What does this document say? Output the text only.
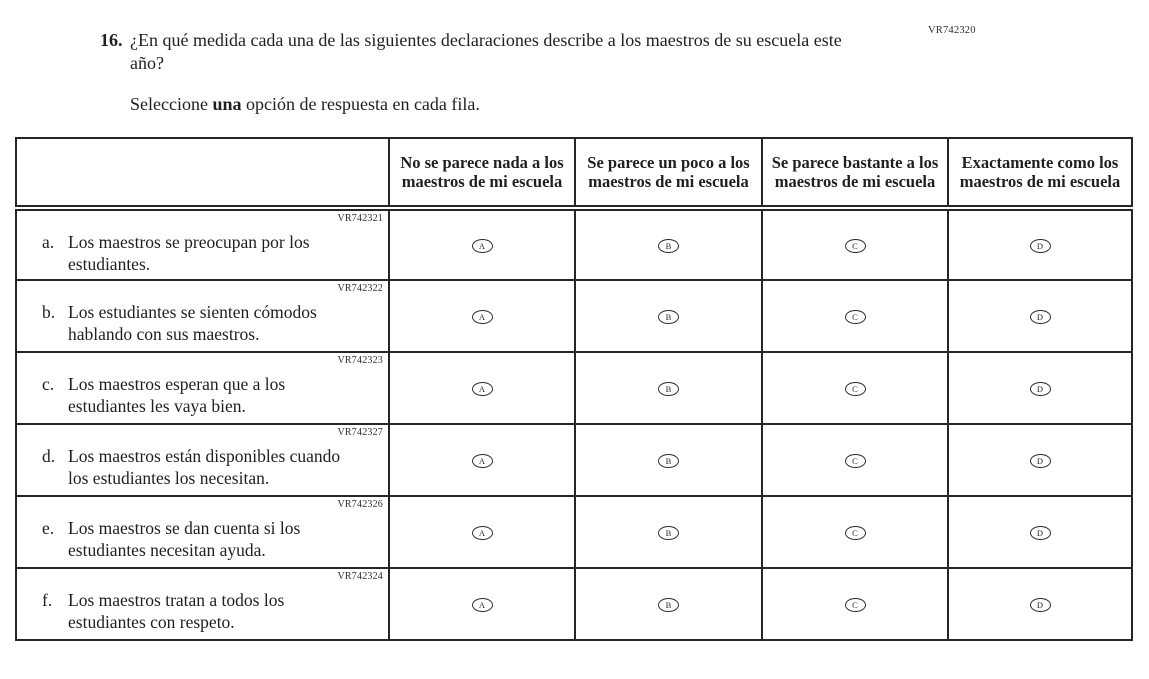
VR742320
16. ¿En qué medida cada una de las siguientes declaraciones describe a los maestros de su escuela este año?
Seleccione una opción de respuesta en cada fila.
	No se parece nada a los maestros de mi escuela	Se parece un poco a los maestros de mi escuela	Se parece bastante a los maestros de mi escuela	Exactamente como los maestros de mi escuela

VR742321
a. Los maestros se preocupan por los estudiantes.	A	B	C	D

VR742322
b. Los estudiantes se sienten cómodos hablando con sus maestros.	A	B	C	D

VR742323
c. Los maestros esperan que a los estudiantes les vaya bien.	A	B	C	D

VR742327
d. Los maestros están disponibles cuando los estudiantes los necesitan.	A	B	C	D

VR742326
e. Los maestros se dan cuenta si los estudiantes necesitan ayuda.	A	B	C	D

VR742324
f. Los maestros tratan a todos los estudiantes con respeto.	A	B	C	D
